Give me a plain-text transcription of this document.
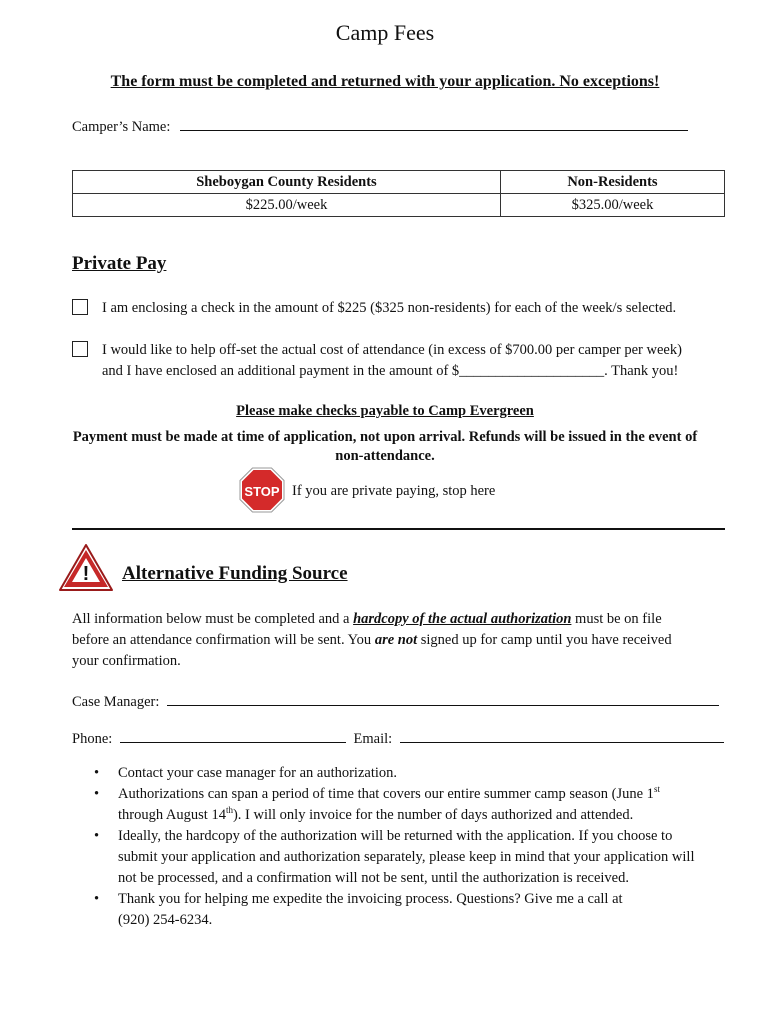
Camp Fees
The form must be completed and returned with your application. No exceptions!
Camper’s Name:
Sheboygan County Residents	Non-Residents
$225.00/week	$325.00/week
Private Pay
I am enclosing a check in the amount of $225 ($325 non-residents) for each of the week/s selected.
I would like to help off-set the actual cost of attendance (in excess of $700.00 per camper per week)
and I have enclosed an additional payment in the amount of $____________________. Thank you!
Please make checks payable to Camp Evergreen
Payment must be made at time of application, not upon arrival. Refunds will be issued in the event of
non-attendance.
STOP If you are private paying, stop here
! Alternative Funding Source
All information below must be completed and a hardcopy of the actual authorization must be on file
before an attendance confirmation will be sent. You are not signed up for camp until you have received
your confirmation.
Case Manager:
Phone:	Email:
• Contact your case manager for an authorization.
• Authorizations can span a period of time that covers our entire summer camp season (June 1st
through August 14th). I will only invoice for the number of days authorized and attended.
• Ideally, the hardcopy of the authorization will be returned with the application. If you choose to
submit your application and authorization separately, please keep in mind that your application will
not be processed, and a confirmation will not be sent, until the authorization is received.
• Thank you for helping me expedite the invoicing process. Questions? Give me a call at
(920) 254-6234.
